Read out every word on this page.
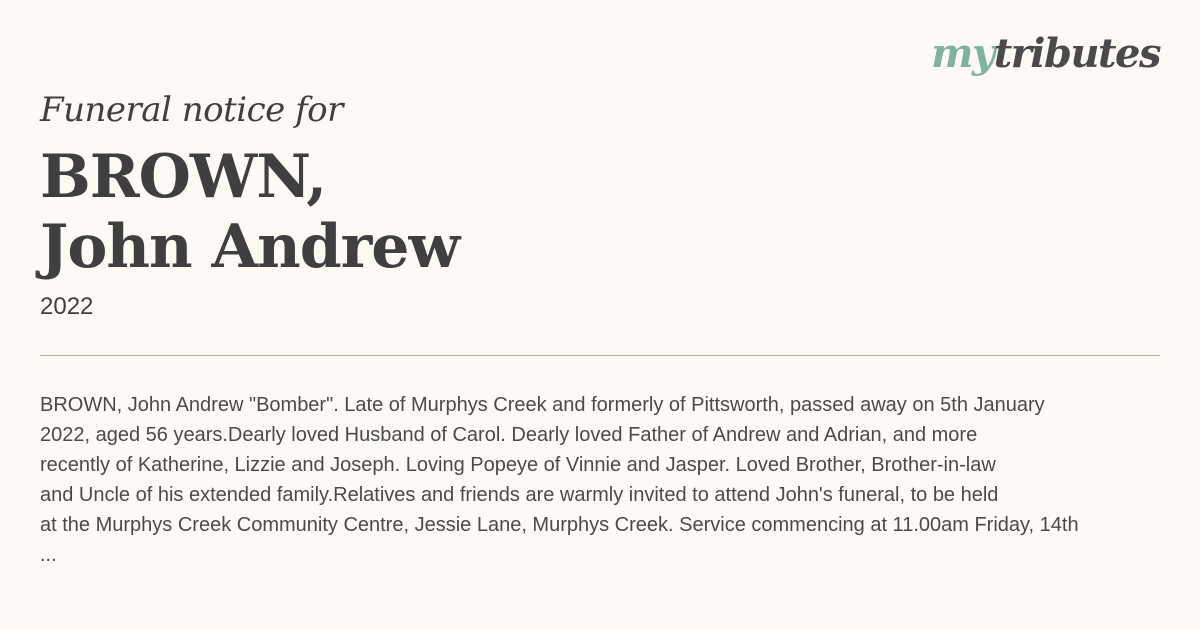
mytributes
Funeral notice for
BROWN,
John Andrew
2022

BROWN, John Andrew "Bomber". Late of Murphys Creek and formerly of Pittsworth, passed away on 5th January

2022, aged 56 years.Dearly loved Husband of Carol. Dearly loved Father of Andrew and Adrian, and more

recently of Katherine, Lizzie and Joseph. Loving Popeye of Vinnie and Jasper. Loved Brother, Brother-in-law

and Uncle of his extended family.Relatives and friends are warmly invited to attend John's funeral, to be held

at the Murphys Creek Community Centre, Jessie Lane, Murphys Creek. Service commencing at 11.00am Friday, 14th

...
